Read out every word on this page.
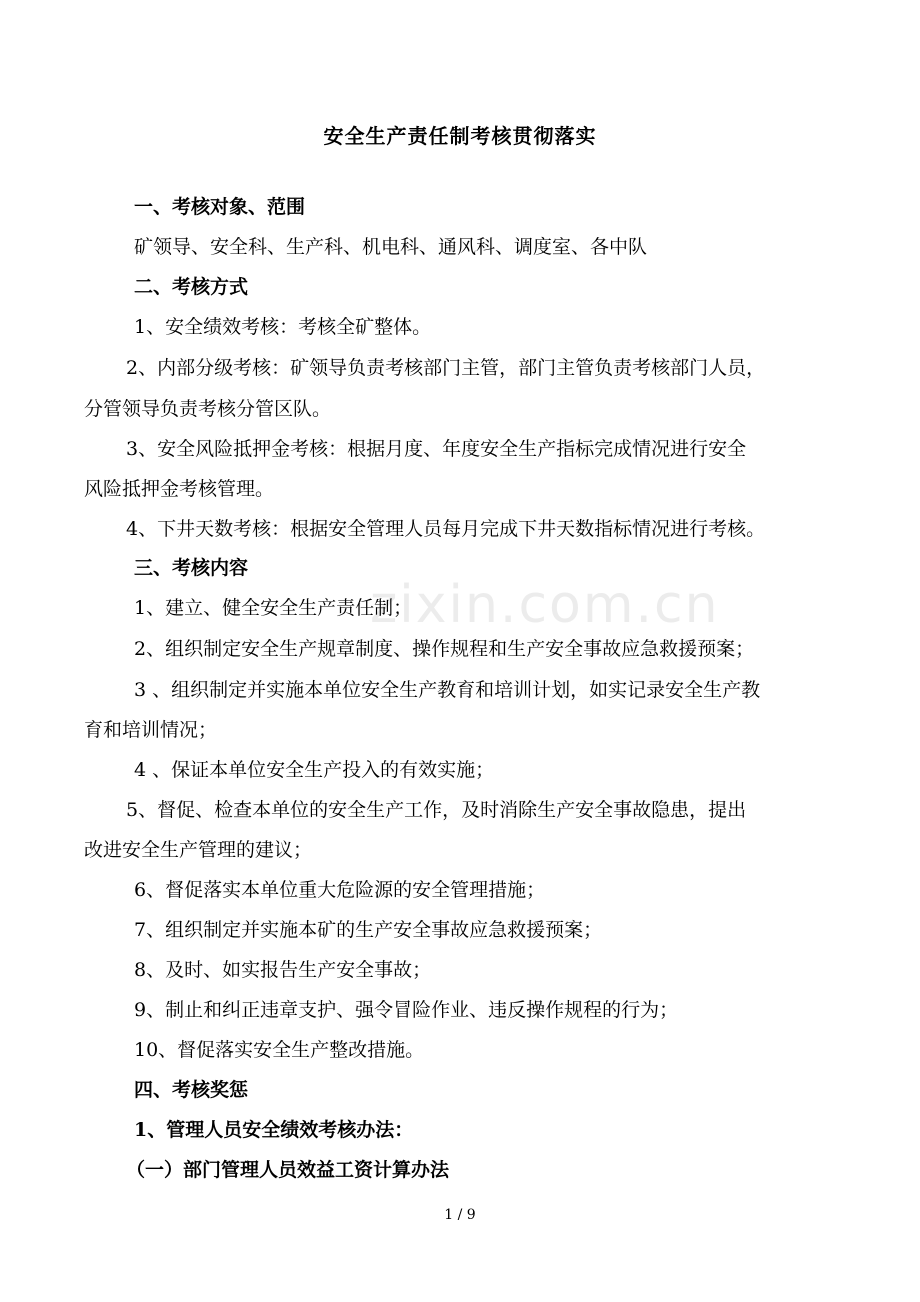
zixin.com.cn
安全生产责任制考核贯彻落实
一、考核对象、范围
矿领导、安全科、生产科、机电科、通风科、调度室、各中队
二、考核方式
1、安全绩效考核：考核全矿整体。
2、内部分级考核：矿领导负责考核部门主管，部门主管负责考核部门人员，
分管领导负责考核分管区队。
3、安全风险抵押金考核：根据月度、年度安全生产指标完成情况进行安全
风险抵押金考核管理。
4、下井天数考核：根据安全管理人员每月完成下井天数指标情况进行考核。
三、考核内容
1、建立、健全安全生产责任制；
2、组织制定安全生产规章制度、操作规程和生产安全事故应急救援预案；
3 、组织制定并实施本单位安全生产教育和培训计划，如实记录安全生产教
育和培训情况；
4 、保证本单位安全生产投入的有效实施；
5、督促、检查本单位的安全生产工作，及时消除生产安全事故隐患，提出
改进安全生产管理的建议；
6、督促落实本单位重大危险源的安全管理措施；
7、组织制定并实施本矿的生产安全事故应急救援预案；
8、及时、如实报告生产安全事故；
9、制止和纠正违章支护、强令冒险作业、违反操作规程的行为；
10、督促落实安全生产整改措施。
四、考核奖惩
1、管理人员安全绩效考核办法：
（一）部门管理人员效益工资计算办法
1 / 9
